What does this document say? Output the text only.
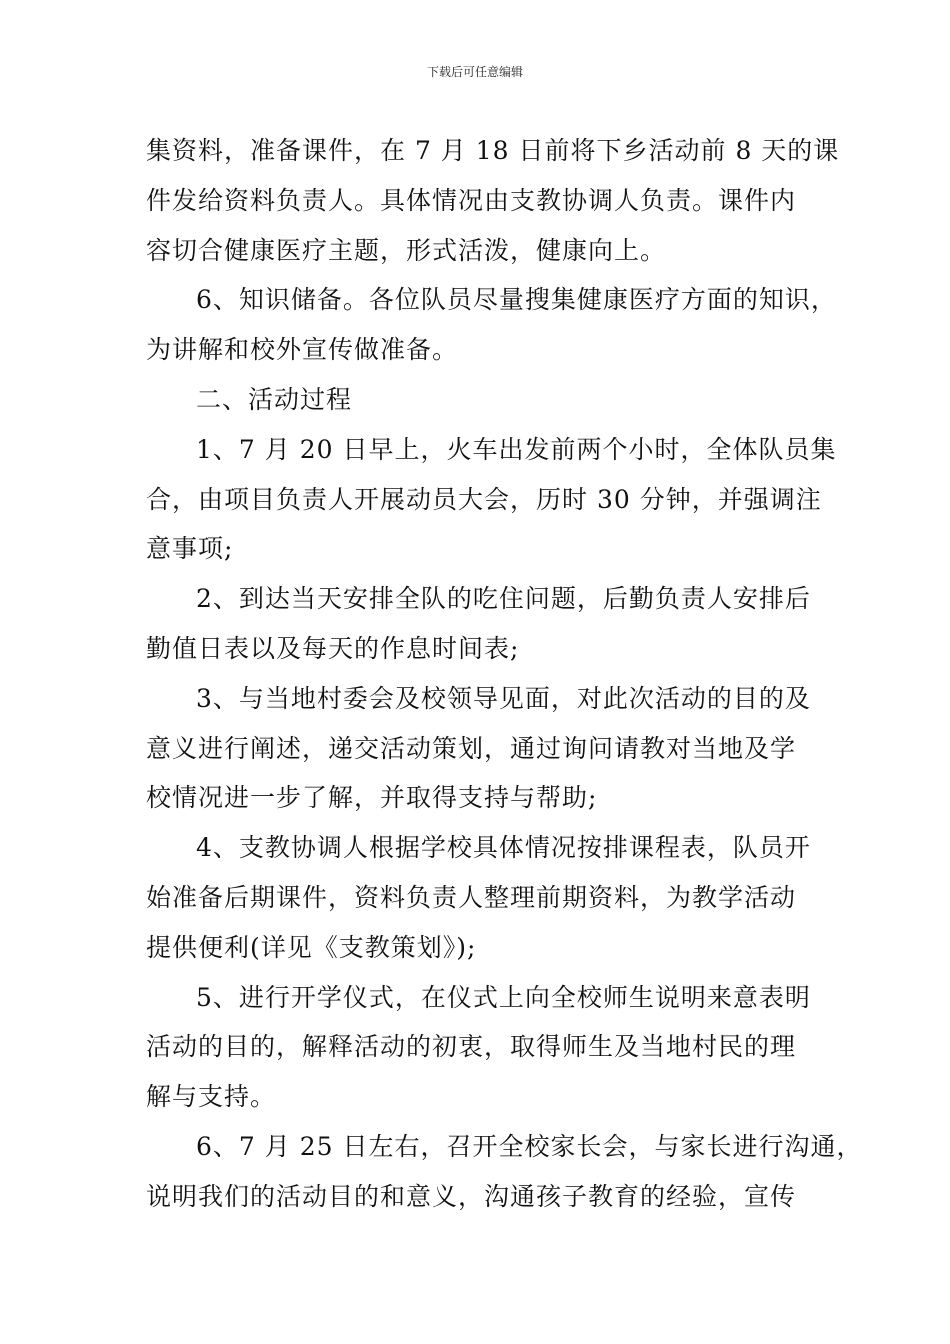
下载后可任意编辑

集资料，准备课件，在 7 月 18 日前将下乡活动前 8 天的课
件发给资料负责人。具体情况由支教协调人负责。课件内
容切合健康医疗主题，形式活泼，健康向上。

6、知识储备。各位队员尽量搜集健康医疗方面的知识，
为讲解和校外宣传做准备。

二、活动过程

1、7 月 20 日早上，火车出发前两个小时，全体队员集
合，由项目负责人开展动员大会，历时 30 分钟，并强调注
意事项;

2、到达当天安排全队的吃住问题，后勤负责人安排后
勤值日表以及每天的作息时间表;

3、与当地村委会及校领导见面，对此次活动的目的及
意义进行阐述，递交活动策划，通过询问请教对当地及学
校情况进一步了解，并取得支持与帮助;

4、支教协调人根据学校具体情况按排课程表，队员开
始准备后期课件，资料负责人整理前期资料，为教学活动
提供便利(详见《支教策划》);

5、进行开学仪式，在仪式上向全校师生说明来意表明
活动的目的，解释活动的初衷，取得师生及当地村民的理
解与支持。

6、7 月 25 日左右，召开全校家长会，与家长进行沟通，
说明我们的活动目的和意义，沟通孩子教育的经验，宣传
